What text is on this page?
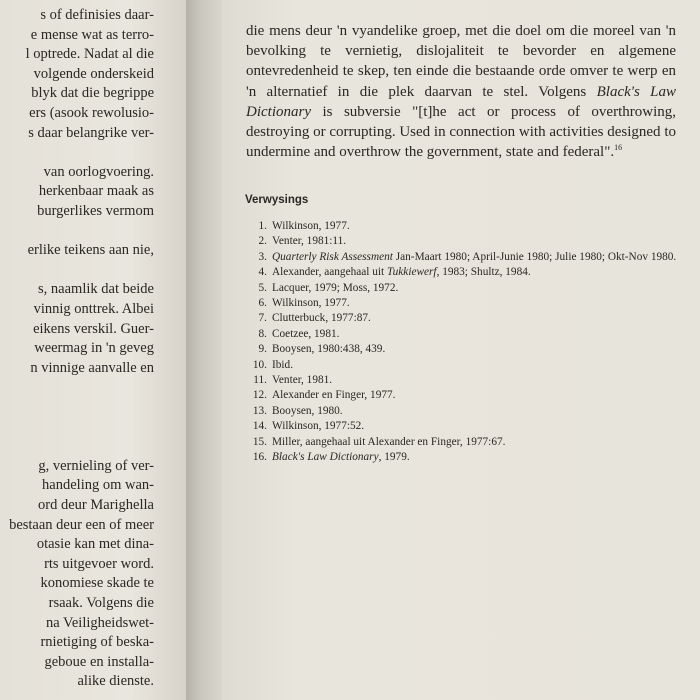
s of definisies daar-
e mense wat as terro-
l optrede. Nadat al die
volgende onderskeid
blyk dat die begrippe
ers (asook rewolusio-
s daar belangrike ver-
van oorlogvoering.
herkenbaar maak as
burgerlikes vermom
erlike teikens aan nie,
s, naamlik dat beide
vinnig onttrek. Albei
eikens verskil. Guer-
weermag in 'n geveg
n vinnige aanvalle en
g, vernieling of ver-
handeling om wan-
ord deur Marighella
bestaan deur een of meer
otasie kan met dina-
rts uitgevoer word.
konomiese skade te
rsaak. Volgens die
na Veiligheidswet-
rnietiging of beska-
geboue en installa-
alike dienste.
die mens deur 'n vyandelike groep, met die doel om die moreel van 'n bevolking te vernietig, dislojaliteit te bevorder en algemene ontevredenheid te skep, ten einde die bestaande orde omver te werp en 'n alternatief in die plek daarvan te stel. Volgens Black's Law Dictionary is subversie "[t]he act or process of overthrowing, destroying or corrupting. Used in connection with activities designed to undermine and overthrow the government, state and federal".$^{16}$
Verwysings
1. Wilkinson, 1977.
2. Venter, 1981:11.
3. Quarterly Risk Assessment Jan-Maart 1980; April-Junie 1980; Julie 1980; Okt-Nov 1980.
4. Alexander, aangehaal uit Tukkiewerf, 1983; Shultz, 1984.
5. Lacquer, 1979; Moss, 1972.
6. Wilkinson, 1977.
7. Clutterbuck, 1977:87.
8. Coetzee, 1981.
9. Booysen, 1980:438, 439.
10. Ibid.
11. Venter, 1981.
12. Alexander en Finger, 1977.
13. Booysen, 1980.
14. Wilkinson, 1977:52.
15. Miller, aangehaal uit Alexander en Finger, 1977:67.
16. Black's Law Dictionary, 1979.
